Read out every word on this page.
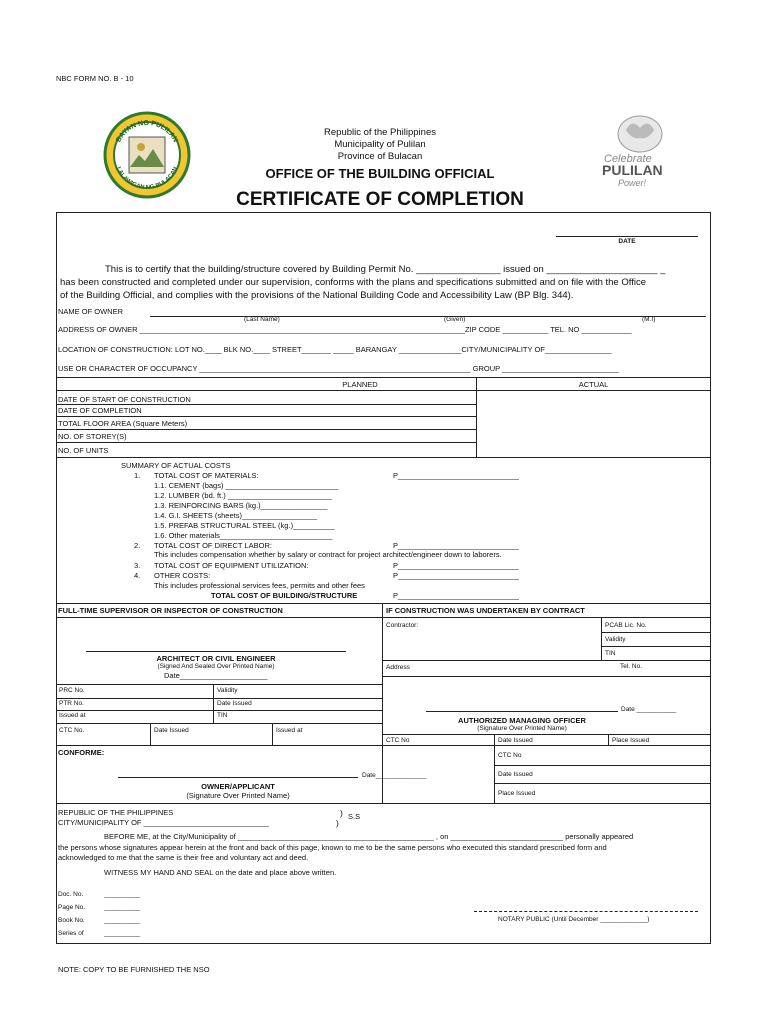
NBC FORM NO. B - 10
BAYAN NG PULILAN
LALAWIGAN NG BULACAN
Republic of the Philippines
Municipality of Pulilan
Province of Bulacan
OFFICE OF THE BUILDING OFFICIAL
CERTIFICATE OF COMPLETION
Celebrate
PULILAN
Power!
DATE
This is to certify that the building/structure covered by Building Permit No. ________________ issued on _____________________ _
has been constructed and completed under our supervision, conforms with the plans and specifications submitted and on file with the Office
of the Building Official, and complies with the provisions of the National Building Code and Accessibility Law (BP Blg. 344).
NAME OF OWNER
(Last Name)	(Given)	(M.I)
ADDRESS OF OWNER ______________________________________________________________________________ZIP CODE ___________ TEL. NO ____________
LOCATION OF CONSTRUCTION: LOT NO.____ BLK NO.____ STREET_______ _____ BARANGAY _______________CITY/MUNICIPALITY OF________________
USE OR CHARACTER OF OCCUPANCY _________________________________________________________________ GROUP ____________________________
PLANNED	ACTUAL
DATE OF START OF CONSTRUCTION
DATE OF COMPLETION
TOTAL FLOOR AREA (Square Meters)
NO. OF STOREY(S)
NO. OF UNITS
SUMMARY OF ACTUAL COSTS
1. TOTAL COST OF MATERIALS:	P_____________________________
1.1. CEMENT (bags) ___________________________
1.2. LUMBER (bd. ft.) _________________________
1.3. REINFORCING BARS (kg.)________________
1.4. G.I. SHEETS (sheets)__________________
1.5. PREFAB STRUCTURAL STEEL (kg.)__________
1.6. Other materials___________________________
2. TOTAL COST OF DIRECT LABOR:	P_____________________________
This includes compensation whether by salary or contract for project architect/engineer down to laborers.
3. TOTAL COST OF EQUIPMENT UTILIZATION:	P_____________________________
4. OTHER COSTS:	P_____________________________
This includes professional services fees, permits and other fees
TOTAL COST OF BUILDING/STRUCTURE	P_____________________________
FULL-TIME SUPERVISOR OR INSPECTOR OF CONSTRUCTION	IF CONSTRUCTION WAS UNDERTAKEN BY CONTRACT
ARCHITECT OR CIVIL ENGINEER
(Signed And Sealed Over Printed Name)
Date_____________________
PRC No.	Validity
PTR No.	Date Issued
Issued at	TIN
CTC No.	Date Issued	Issued at
Contractor:	PCAB Lic. No.
Validity
TIN
Address	Tel. No.
Date ___________
AUTHORIZED MANAGING OFFICER
(Signature Over Printed Name)
CTC No	Date Issued	Place Issued
CONFORME:	CTC No
Date Issued
Place Issued
Date______________
OWNER/APPLICANT
(Signature Over Printed Name)
REPUBLIC OF THE PHILIPPINES
CITY/MUNICIPALITY OF ______________________________
)
)
S.S
BEFORE ME, at the City/Municipality of _______________________________________________ , on ___________________________ personally appeared
the persons whose signatures appear herein at the front and back of this page, known to me to be the same persons who executed this standard prescribed form and
acknowledged to me that the same is their free and voluntary act and deed.
WITNESS MY HAND AND SEAL on the date and place above written.
Doc. No.	__________
Page No.	__________
Book No.	__________
Series of	__________
NOTARY PUBLIC (Until December _____________)
NOTE: COPY TO BE FURNISHED THE NSO
